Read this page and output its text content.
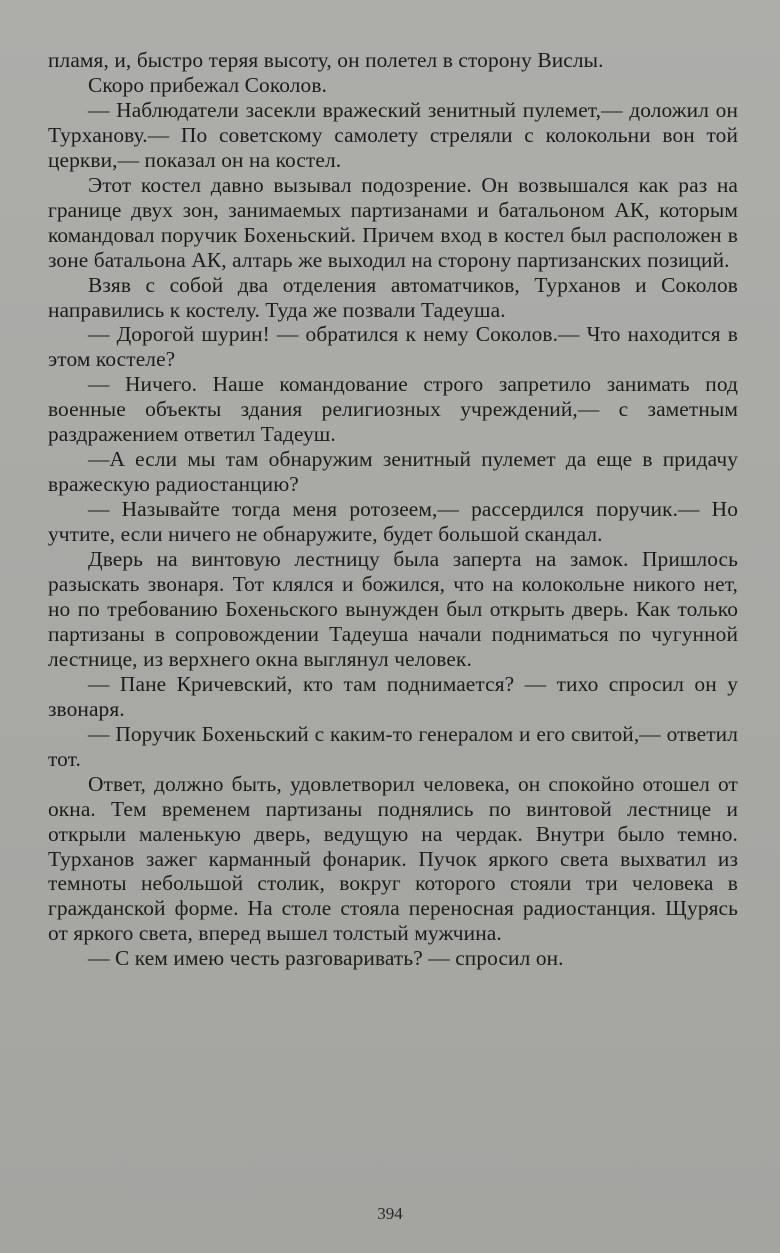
пламя, и, быстро теряя высоту, он полетел в сторону Вислы.

Скоро прибежал Соколов.

— Наблюдатели засекли вражеский зенитный пулемет,— доложил он Турханову.— По советскому самолету стреляли с колокольни вон той церкви,— показал он на костел.

Этот костел давно вызывал подозрение. Он возвышался как раз на границе двух зон, занимаемых партизанами и батальоном АК, которым командовал поручик Бохеньский. Причем вход в костел был расположен в зоне батальона АК, алтарь же выходил на сторону партизанских позиций.

Взяв с собой два отделения автоматчиков, Турханов и Соколов направились к костелу. Туда же позвали Тадеуша.

— Дорогой шурин! — обратился к нему Соколов.— Что находится в этом костеле?

— Ничего. Наше командование строго запретило занимать под военные объекты здания религиозных учреждений,— с заметным раздражением ответил Тадеуш.

—А если мы там обнаружим зенитный пулемет да еще в придачу вражескую радиостанцию?

— Называйте тогда меня ротозеем,— рассердился поручик.— Но учтите, если ничего не обнаружите, будет большой скандал.

Дверь на винтовую лестницу была заперта на замок. Пришлось разыскать звонаря. Тот клялся и божился, что на колокольне никого нет, но по требованию Бохеньского вынужден был открыть дверь. Как только партизаны в сопровождении Тадеуша начали подниматься по чугунной лестнице, из верхнего окна выглянул человек.

— Пане Кричевский, кто там поднимается? — тихо спросил он у звонаря.

— Поручик Бохеньский с каким-то генералом и его свитой,— ответил тот.

Ответ, должно быть, удовлетворил человека, он спокойно отошел от окна. Тем временем партизаны поднялись по винтовой лестнице и открыли маленькую дверь, ведущую на чердак. Внутри было темно. Турханов зажег карманный фонарик. Пучок яркого света выхватил из темноты небольшой столик, вокруг которого стояли три человека в гражданской форме. На столе стояла переносная радиостанция. Щурясь от яркого света, вперед вышел толстый мужчина.

— С кем имею честь разговаривать? — спросил он.

394
